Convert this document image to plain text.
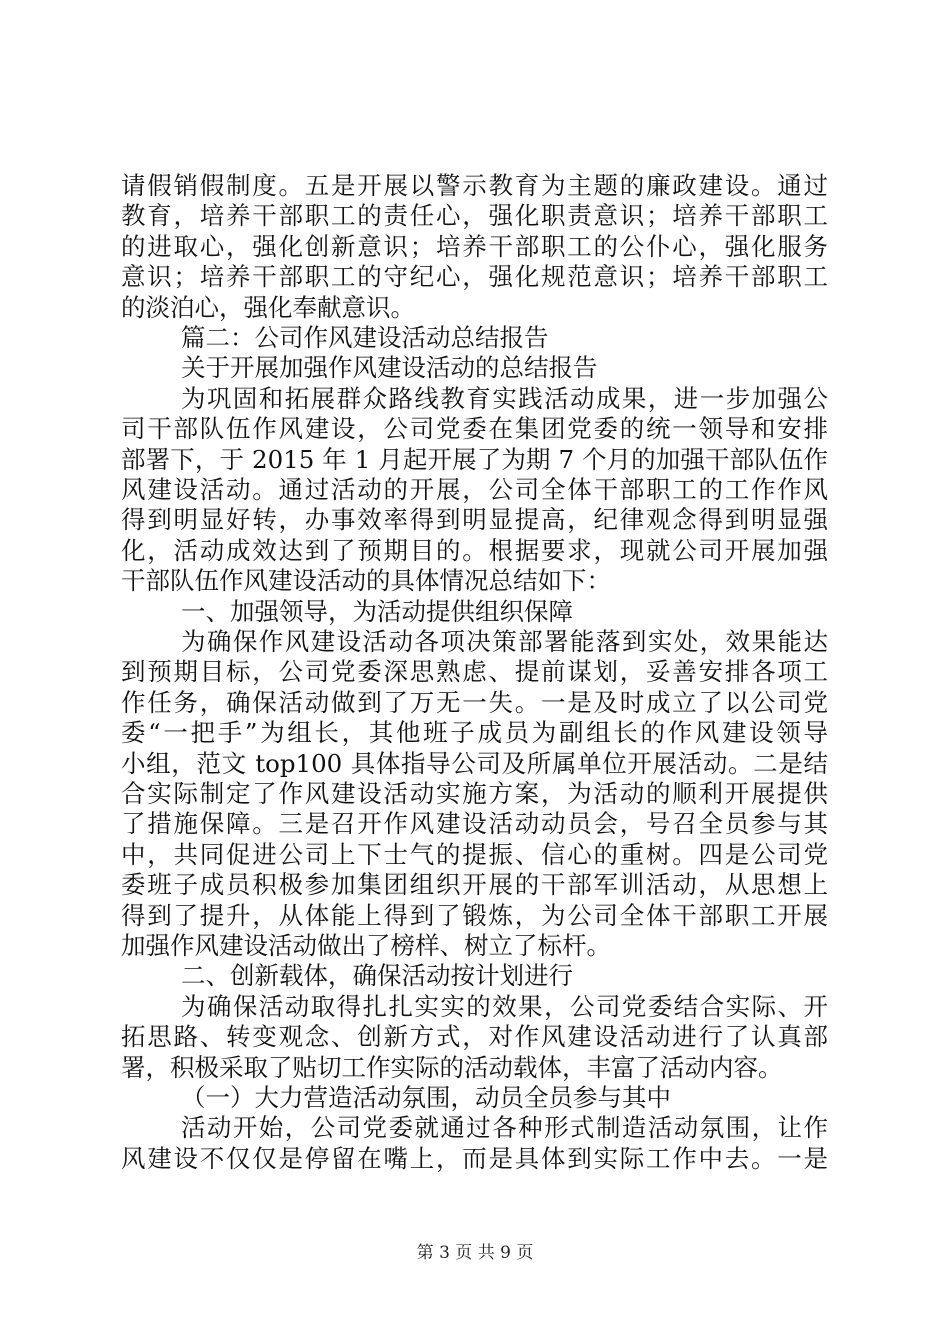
请假销假制度。五是开展以警示教育为主题的廉政建设。通过
教育，培养干部职工的责任心，强化职责意识；培养干部职工
的进取心，强化创新意识；培养干部职工的公仆心，强化服务
意识；培养干部职工的守纪心，强化规范意识；培养干部职工
的淡泊心，强化奉献意识。
篇二：公司作风建设活动总结报告
关于开展加强作风建设活动的总结报告
为巩固和拓展群众路线教育实践活动成果，进一步加强公
司干部队伍作风建设，公司党委在集团党委的统一领导和安排
部署下，于 2015 年 1 月起开展了为期 7 个月的加强干部队伍作
风建设活动。通过活动的开展，公司全体干部职工的工作作风
得到明显好转，办事效率得到明显提高，纪律观念得到明显强
化，活动成效达到了预期目的。根据要求，现就公司开展加强
干部队伍作风建设活动的具体情况总结如下：
一、加强领导，为活动提供组织保障
为确保作风建设活动各项决策部署能落到实处，效果能达
到预期目标，公司党委深思熟虑、提前谋划，妥善安排各项工
作任务，确保活动做到了万无一失。一是及时成立了以公司党
委“一把手”为组长，其他班子成员为副组长的作风建设领导
小组，范文 top100 具体指导公司及所属单位开展活动。二是结
合实际制定了作风建设活动实施方案，为活动的顺利开展提供
了措施保障。三是召开作风建设活动动员会，号召全员参与其
中，共同促进公司上下士气的提振、信心的重树。四是公司党
委班子成员积极参加集团组织开展的干部军训活动，从思想上
得到了提升，从体能上得到了锻炼，为公司全体干部职工开展
加强作风建设活动做出了榜样、树立了标杆。
二、创新载体，确保活动按计划进行
为确保活动取得扎扎实实的效果，公司党委结合实际、开
拓思路、转变观念、创新方式，对作风建设活动进行了认真部
署，积极采取了贴切工作实际的活动载体，丰富了活动内容。
（一）大力营造活动氛围，动员全员参与其中
活动开始，公司党委就通过各种形式制造活动氛围，让作
风建设不仅仅是停留在嘴上，而是具体到实际工作中去。一是
第 3 页 共 9 页
